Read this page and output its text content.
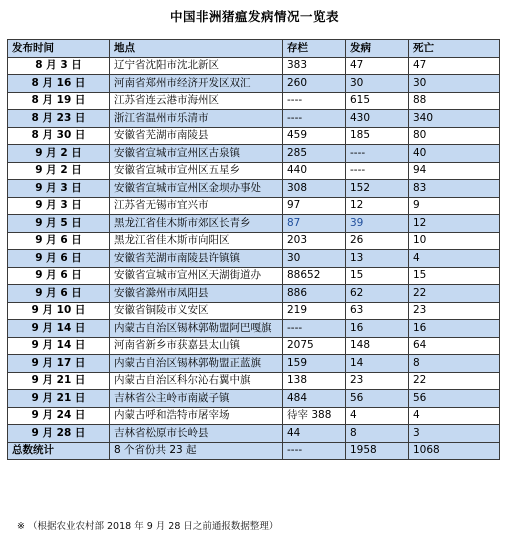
中国非洲猪瘟发病情况一览表
发布时间	地点	存栏	发病	死亡
8 月 3 日	辽宁省沈阳市沈北新区	383	47	47
8 月 16 日	河南省郑州市经济开发区双汇	260	30	30
8 月 19 日	江苏省连云港市海州区	----	615	88
8 月 23 日	浙江省温州市乐清市	----	430	340
8 月 30 日	安徽省芜湖市南陵县	459	185	80
9 月 2 日	安徽省宣城市宣州区古泉镇	285	----	40
9 月 2 日	安徽省宣城市宣州区五星乡	440	----	94
9 月 3 日	安徽省宣城市宣州区金坝办事处	308	152	83
9 月 3 日	江苏省无锡市宜兴市	97	12	9
9 月 5 日	黑龙江省佳木斯市郊区长青乡	87	39	12
9 月 6 日	黑龙江省佳木斯市向阳区	203	26	10
9 月 6 日	安徽省芜湖市南陵县许镇镇	30	13	4
9 月 6 日	安徽省宣城市宣州区天湖街道办	88652	15	15
9 月 6 日	安徽省滁州市凤阳县	886	62	22
9 月 10 日	安徽省铜陵市义安区	219	63	23
9 月 14 日	内蒙古自治区锡林郭勒盟阿巴嘎旗	----	16	16
9 月 14 日	河南省新乡市获嘉县太山镇	2075	148	64
9 月 17 日	内蒙古自治区锡林郭勒盟正蓝旗	159	14	8
9 月 21 日	内蒙古自治区科尔沁右翼中旗	138	23	22
9 月 21 日	吉林省公主岭市南崴子镇	484	56	56
9 月 24 日	内蒙古呼和浩特市屠宰场	待宰 388	4	4
9 月 28 日	吉林省松原市长岭县	44	8	3
总数统计	8 个省份共 23 起	----	1958	1068
※ （根据农业农村部 2018 年 9 月 28 日之前通报数据整理）
